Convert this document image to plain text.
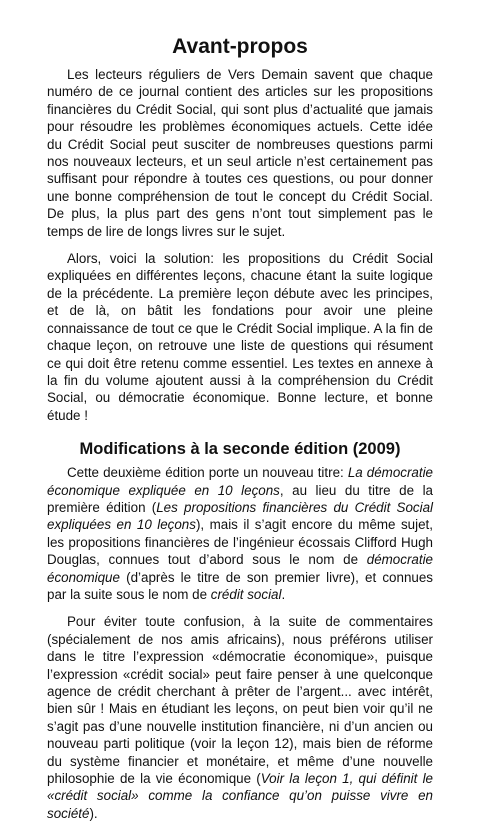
Avant-propos

Les lecteurs réguliers de Vers Demain savent que chaque numéro de ce journal contient des articles sur les propositions financières du Crédit Social, qui sont plus d’actualité que jamais pour résoudre les problèmes économiques actuels. Cette idée du Crédit Social peut susciter de nombreuses questions parmi nos nouveaux lecteurs, et un seul article n’est certainement pas suffisant pour répondre à toutes ces questions, ou pour donner une bonne compréhension de tout le concept du Crédit Social. De plus, la plus part des gens n’ont tout simplement pas le temps de lire de longs livres sur le sujet.

Alors, voici la solution: les propositions du Crédit Social expliquées en différentes leçons, chacune étant la suite logique de la précédente. La première leçon débute avec les principes, et de là, on bâtit les fondations pour avoir une pleine connaissance de tout ce que le Crédit Social implique. A la fin de chaque leçon, on retrouve une liste de questions qui résument ce qui doit être retenu comme essentiel. Les textes en annexe à la fin du volume ajoutent aussi à la compréhension du Crédit Social, ou démocratie économique. Bonne lecture, et bonne étude !

Modifications à la seconde édition (2009)

Cette deuxième édition porte un nouveau titre: La démocratie économique expliquée en 10 leçons, au lieu du titre de la première édition (Les propositions financières du Crédit Social expliquées en 10 leçons), mais il s’agit encore du même sujet, les propositions financières de l’ingénieur écossais Clifford Hugh Douglas, connues tout d’abord sous le nom de démocratie économique (d’après le titre de son premier livre), et connues par la suite sous le nom de crédit social.

Pour éviter toute confusion, à la suite de commentaires (spécialement de nos amis africains), nous préférons utiliser dans le titre l’expression «démocratie économique», puisque l’expression «crédit social» peut faire penser à une quelconque agence de crédit cherchant à prêter de l’argent... avec intérêt, bien sûr ! Mais en étudiant les leçons, on peut bien voir qu’il ne s’agit pas d’une nouvelle institution financière, ni d’un ancien ou nouveau parti politique (voir la leçon 12), mais bien de réforme du système financier et monétaire, et même d’une nouvelle philosophie de la vie économique (Voir la leçon 1, qui définit le «crédit social» comme la confiance qu’on puisse vivre en société).
